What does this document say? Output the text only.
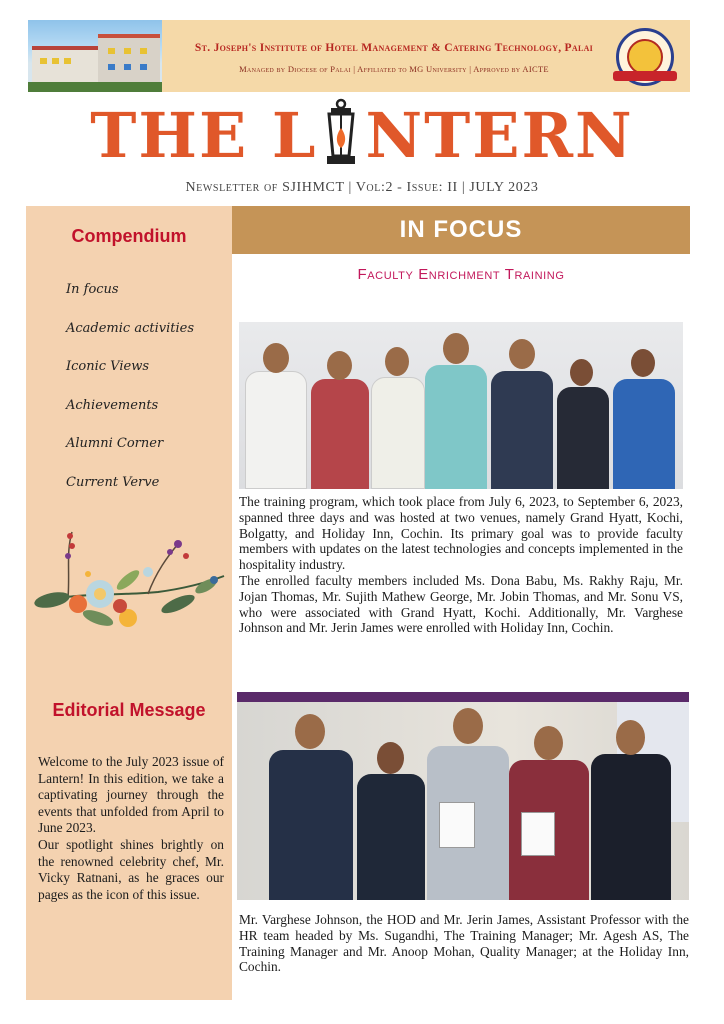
St. Joseph's Institute of Hotel Management & Catering Technology, Palai
Managed by Diocese of Palai | Affiliated to MG University | Approved by AICTE
THE L NTERN
Newsletter of SJIHMCT | Vol:2 - Issue: II | JULY 2023
Compendium
In focus
Academic activities
Iconic Views
Achievements
Alumni Corner
Current Verve
Editorial Message

Welcome to the July 2023 issue of Lantern! In this edition, we take a captivating journey through the events that unfolded from April to June 2023.

Our spotlight shines brightly on the renowned celebrity chef, Mr. Vicky Ratnani, as he graces our pages as the icon of this issue.

IN FOCUS
Faculty Enrichment Training

The training program, which took place from July 6, 2023, to September 6, 2023, spanned three days and was hosted at two venues, namely Grand Hyatt, Kochi, Bolgatty, and Holiday Inn, Cochin. Its primary goal was to provide faculty members with updates on the latest technologies and concepts implemented in the hospitality industry.

The enrolled faculty members included Ms. Dona Babu, Ms. Rakhy Raju, Mr. Jojan Thomas, Mr. Sujith Mathew George, Mr. Jobin Thomas, and Mr. Sonu VS, who were associated with Grand Hyatt, Kochi. Additionally, Mr. Varghese Johnson and Mr. Jerin James were enrolled with Holiday Inn, Cochin.

Mr. Varghese Johnson, the HOD and Mr. Jerin James, Assistant Professor with the HR team headed by Ms. Sugandhi, The Training Manager; Mr. Agesh AS, The Training Manager and Mr. Anoop Mohan, Quality Manager; at the Holiday Inn, Cochin.
